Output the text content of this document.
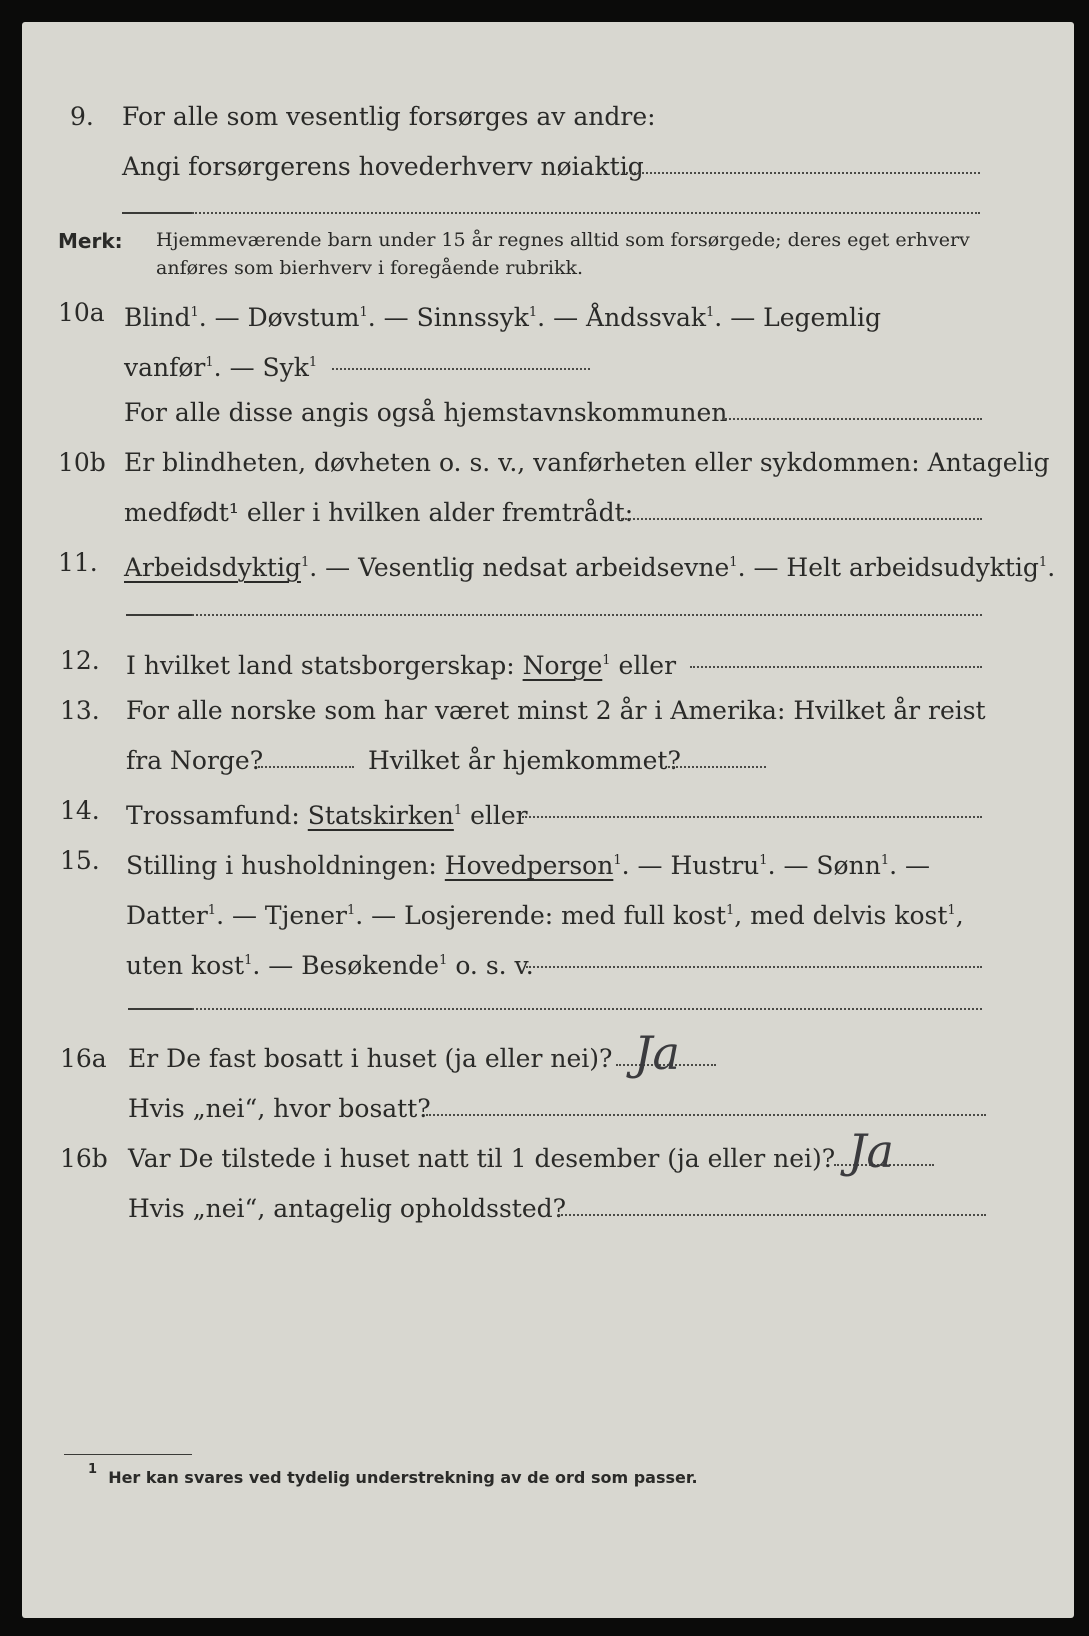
9. For alle som vesentlig forsørges av andre:
Angi forsørgerens hovederhverv nøiaktig
Merk: Hjemmeværende barn under 15 år regnes alltid som forsørgede; deres eget erhverv
anføres som bierhverv i foregående rubrikk.
10a Blind$^1$. — Døvstum$^1$. — Sinnssyk$^1$. — Åndssvak$^1$. — Legemlig
vanfør$^1$. — Syk$^1$
For alle disse angis også hjemstavnskommunen
10b Er blindheten, døvheten o. s. v., vanførheten eller sykdommen: Antagelig
medfødt¹ eller i hvilken alder fremtrådt:
11. Arbeidsdyktig$^1$. — Vesentlig nedsat arbeidsevne$^1$. — Helt arbeidsudyktig$^1$.
12. I hvilket land statsborgerskap: Norge$^1$ eller
13. For alle norske som har været minst 2 år i Amerika: Hvilket år reist
fra Norge?	Hvilket år hjemkommet?
14. Trossamfund: Statskirken$^1$ eller
15. Stilling i husholdningen: Hovedperson$^1$. — Hustru$^1$. — Sønn$^1$. —
Datter$^1$. — Tjener$^1$. — Losjerende: med full kost$^1$, med delvis kost$^1$,
uten kost$^1$. — Besøkende$^1$ o. s. v.
16a Er De fast bosatt i huset (ja eller nei)? Ja
Hvis „nei“, hvor bosatt?
16b Var De tilstede i huset natt til 1 desember (ja eller nei)? Ja
Hvis „nei“, antagelig opholdssted?
$^1$ Her kan svares ved tydelig understrekning av de ord som passer.
